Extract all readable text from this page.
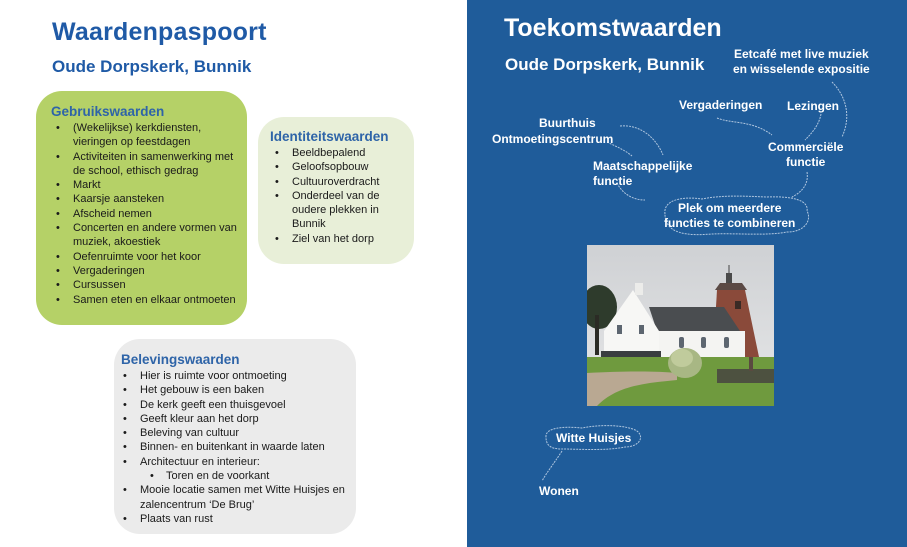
Waardenpaspoort
Oude Dorpskerk, Bunnik
Gebruikswaarden
• (Wekelijkse) kerkdiensten, vieringen op feestdagen
• Activiteiten in samenwerking met de school, ethisch gedrag
• Markt
• Kaarsje aansteken
• Afscheid nemen
• Concerten en andere vormen van muziek, akoestiek
• Oefenruimte voor het koor
• Vergaderingen
• Cursussen
• Samen eten en elkaar ontmoeten
Identiteitswaarden
• Beeldbepalend
• Geloofsopbouw
• Cultuuroverdracht
• Onderdeel van de oudere plekken in Bunnik
• Ziel van het dorp
Belevingswaarden
• Hier is ruimte voor ontmoeting
• Het gebouw is een baken
• De kerk geeft een thuisgevoel
• Geeft kleur aan het dorp
• Beleving van cultuur
• Binnen- en buitenkant in waarde laten
• Architectuur en interieur:
• Toren en de voorkant
• Mooie locatie samen met Witte Huisjes en zalencentrum ‘De Brug’
• Plaats van rust
Toekomstwaarden
Oude Dorpskerk, Bunnik
Eetcafé met live muziek
en wisselende expositie
Vergaderingen Lezingen
Buurthuis
Ontmoetingscentrum
Maatschappelijke
functie
Commerciële
functie
Plek om meerdere
functies te combineren
Witte Huisjes
Wonen
